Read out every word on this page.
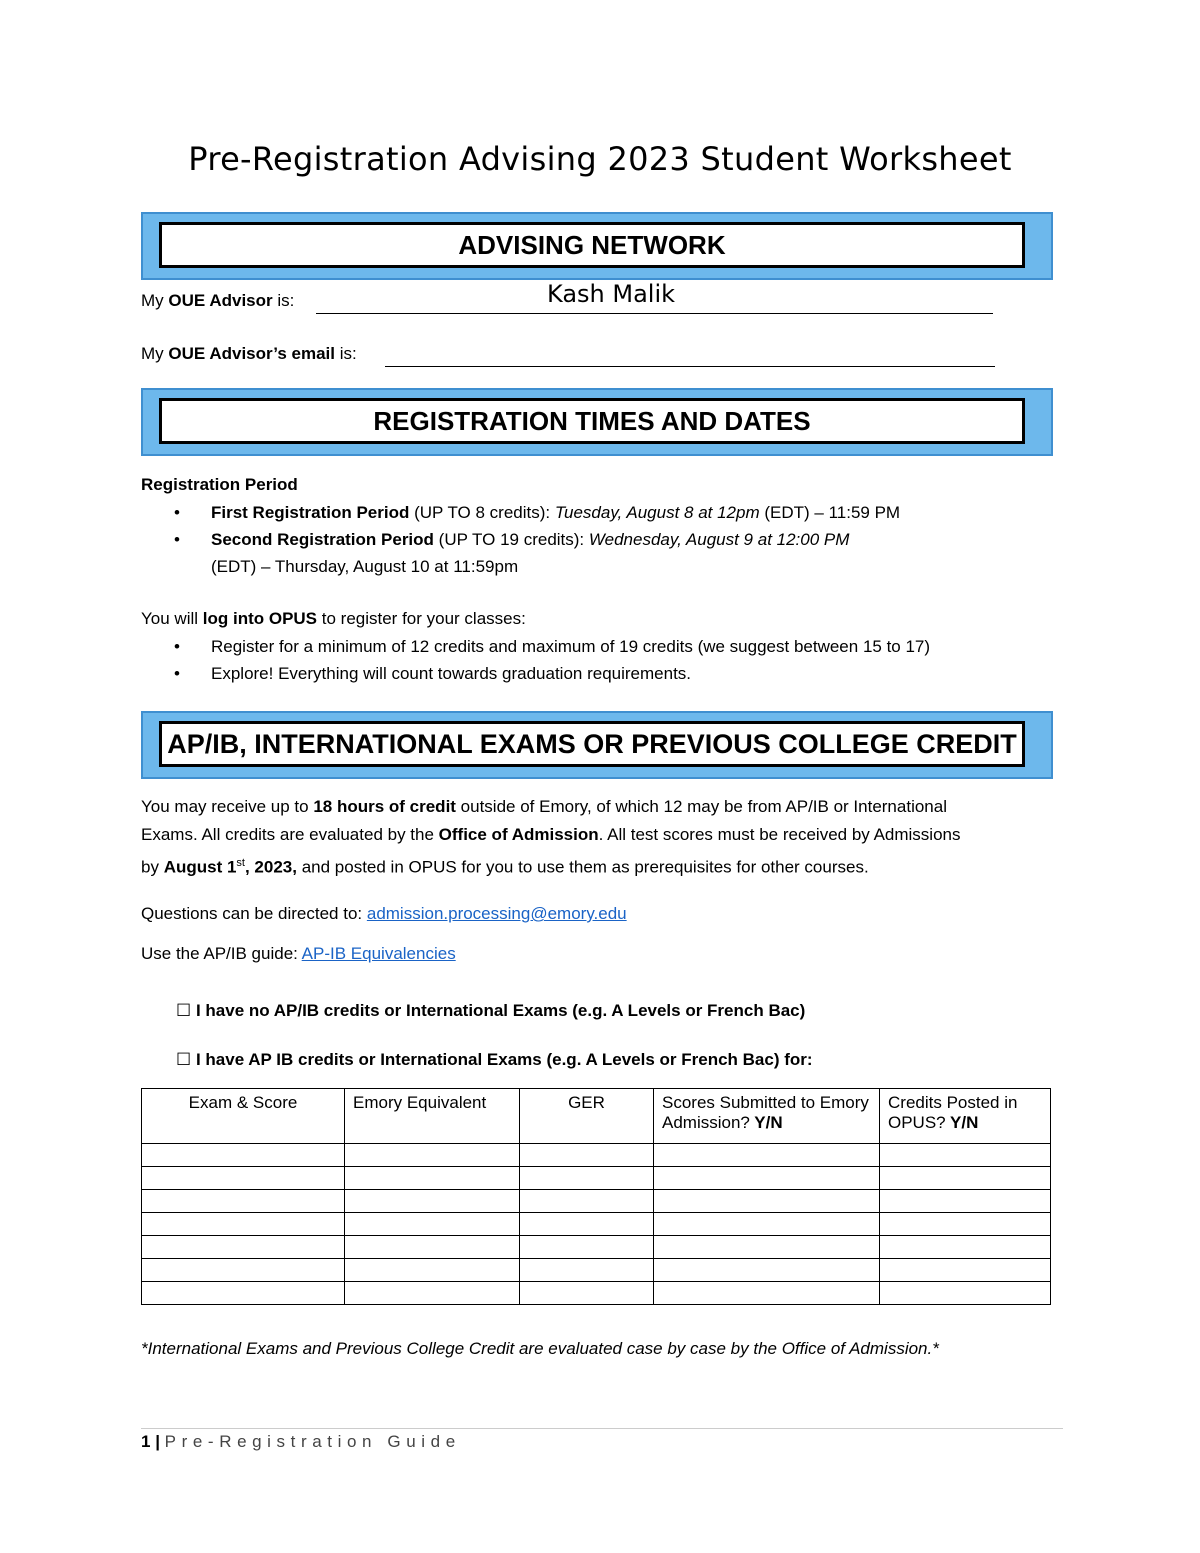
Pre-Registration Advising 2023 Student Worksheet
ADVISING NETWORK
My OUE Advisor is:	Kash Malik
My OUE Advisor’s email is:
REGISTRATION TIMES AND DATES
Registration Period
• First Registration Period (UP TO 8 credits): Tuesday, August 8 at 12pm (EDT) – 11:59 PM
• Second Registration Period (UP TO 19 credits): Wednesday, August 9 at 12:00 PM
(EDT) – Thursday, August 10 at 11:59pm
You will log into OPUS to register for your classes:
• Register for a minimum of 12 credits and maximum of 19 credits (we suggest between 15 to 17)
• Explore! Everything will count towards graduation requirements.
AP/IB, INTERNATIONAL EXAMS OR PREVIOUS COLLEGE CREDIT
You may receive up to 18 hours of credit outside of Emory, of which 12 may be from AP/IB or International
Exams. All credits are evaluated by the Office of Admission. All test scores must be received by Admissions
by August 1st, 2023, and posted in OPUS for you to use them as prerequisites for other courses.
Questions can be directed to: admission.processing@emory.edu
Use the AP/IB guide: AP-IB Equivalencies
☐ I have no AP/IB credits or International Exams (e.g. A Levels or French Bac)
☐ I have AP IB credits or International Exams (e.g. A Levels or French Bac) for:
Exam & Score	Emory Equivalent	GER	Scores Submitted to Emory Admission? Y/N	Credits Posted in OPUS? Y/N

*International Exams and Previous College Credit are evaluated case by case by the Office of Admission.*
1 | Pre-Registration Guide
